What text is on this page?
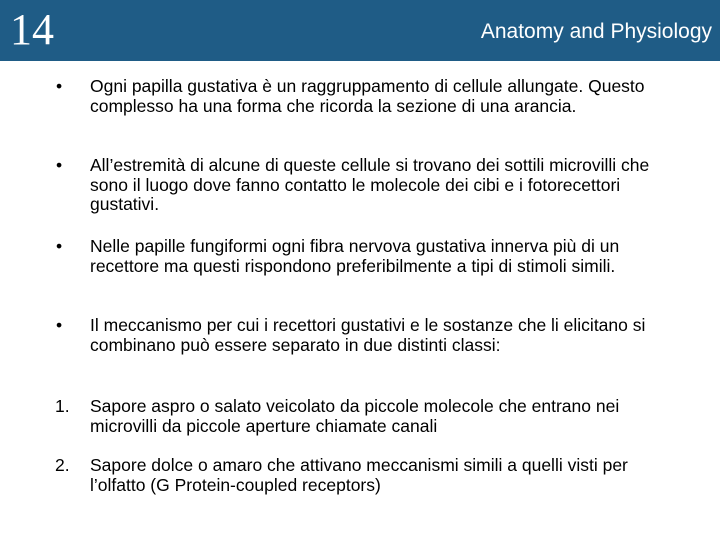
14	Anatomy and Physiology
• Ogni papilla gustativa è un raggruppamento di cellule allungate. Questo complesso ha una forma che ricorda la sezione di una arancia.
• All’estremità di alcune di queste cellule si trovano dei sottili microvilli che sono il luogo dove fanno contatto le molecole dei cibi e i fotorecettori gustativi.
• Nelle papille fungiformi ogni fibra nervova gustativa innerva più di un recettore ma questi rispondono preferibilmente a tipi di stimoli simili.
• Il meccanismo per cui i recettori gustativi e le sostanze che li elicitano si combinano può essere separato in due distinti classi:
1. Sapore aspro o salato veicolato da piccole molecole che entrano nei microvilli da piccole aperture chiamate canali
2. Sapore dolce o amaro che attivano meccanismi simili a quelli visti per l’olfatto (G Protein-coupled receptors)
